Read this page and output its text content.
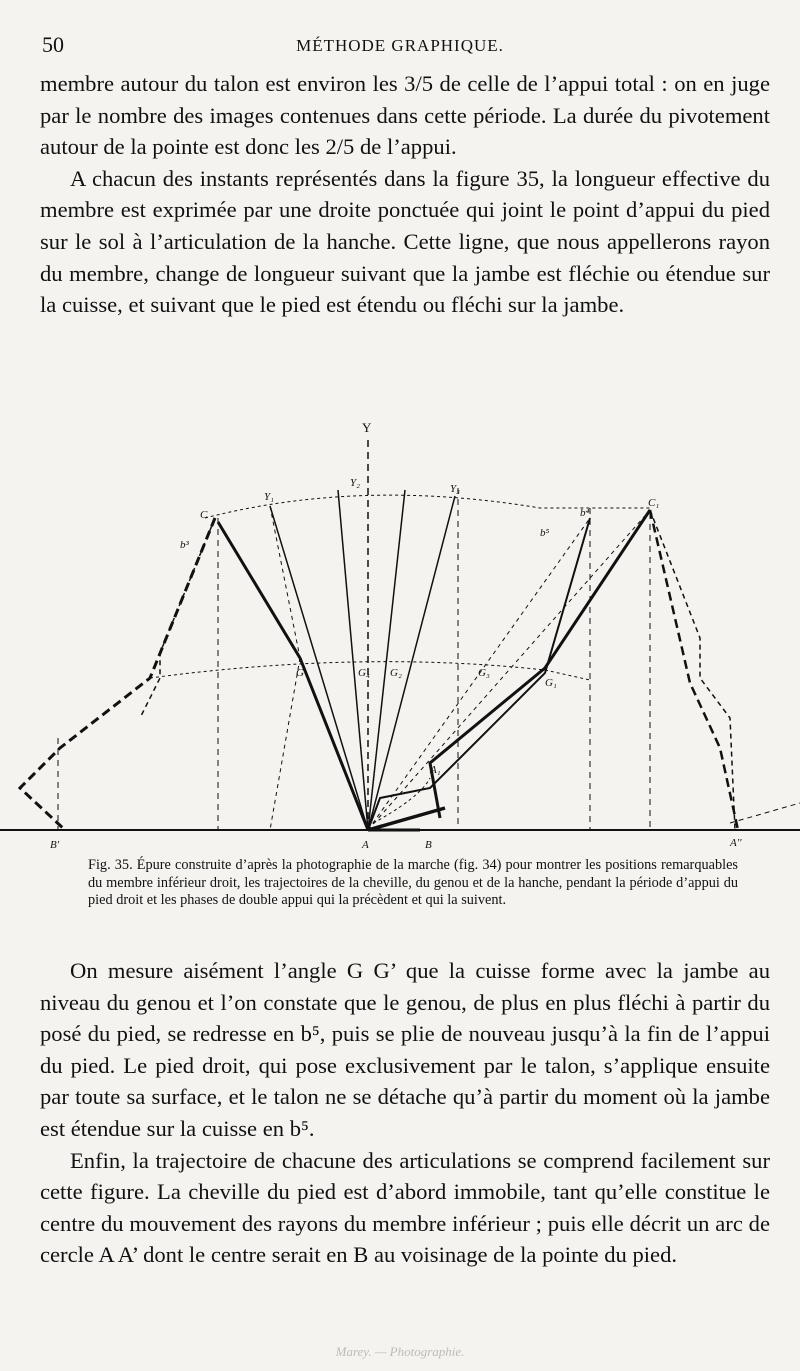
50	MÉTHODE GRAPHIQUE.

membre autour du talon est environ les 3/5 de celle de l’appui total : on en juge par le nombre des images contenues dans cette période. La durée du pivotement autour de la pointe est donc les 2/5 de l’appui.

A chacun des instants représentés dans la figure 35, la longueur effective du membre est exprimée par une droite ponctuée qui joint le point d’appui du pied sur le sol à l’articulation de la hanche. Cette ligne, que nous appellerons rayon du membre, change de longueur suivant que la jambe est fléchie ou étendue sur la cuisse, et suivant que le pied est étendu ou fléchi sur la jambe.

Y
B'	A	B	A''
A₁
C
C₁
Y₁
Y₂	Y₃
G
G₁
G₂	G₃
G₄
b³
b⁴
b⁵

Fig. 35. Épure construite d’après la photographie de la marche (fig. 34) pour montrer les positions remarquables du membre inférieur droit, les trajectoires de la cheville, du genou et de la hanche, pendant la période d’appui du pied droit et les phases de double appui qui la précèdent et qui la suivent.

On mesure aisément l’angle G G’ que la cuisse forme avec la jambe au niveau du genou et l’on constate que le genou, de plus en plus fléchi à partir du posé du pied, se redresse en b⁵, puis se plie de nouveau jusqu’à la fin de l’appui du pied. Le pied droit, qui pose exclusivement par le talon, s’applique ensuite par toute sa surface, et le talon ne se détache qu’à partir du moment où la jambe est étendue sur la cuisse en b⁵.

Enfin, la trajectoire de chacune des articulations se comprend facilement sur cette figure. La cheville du pied est d’abord immobile, tant qu’elle constitue le centre du mouvement des rayons du membre inférieur ; puis elle décrit un arc de cercle A A’ dont le centre serait en B au voisinage de la pointe du pied.

Marey. — Photographie.
